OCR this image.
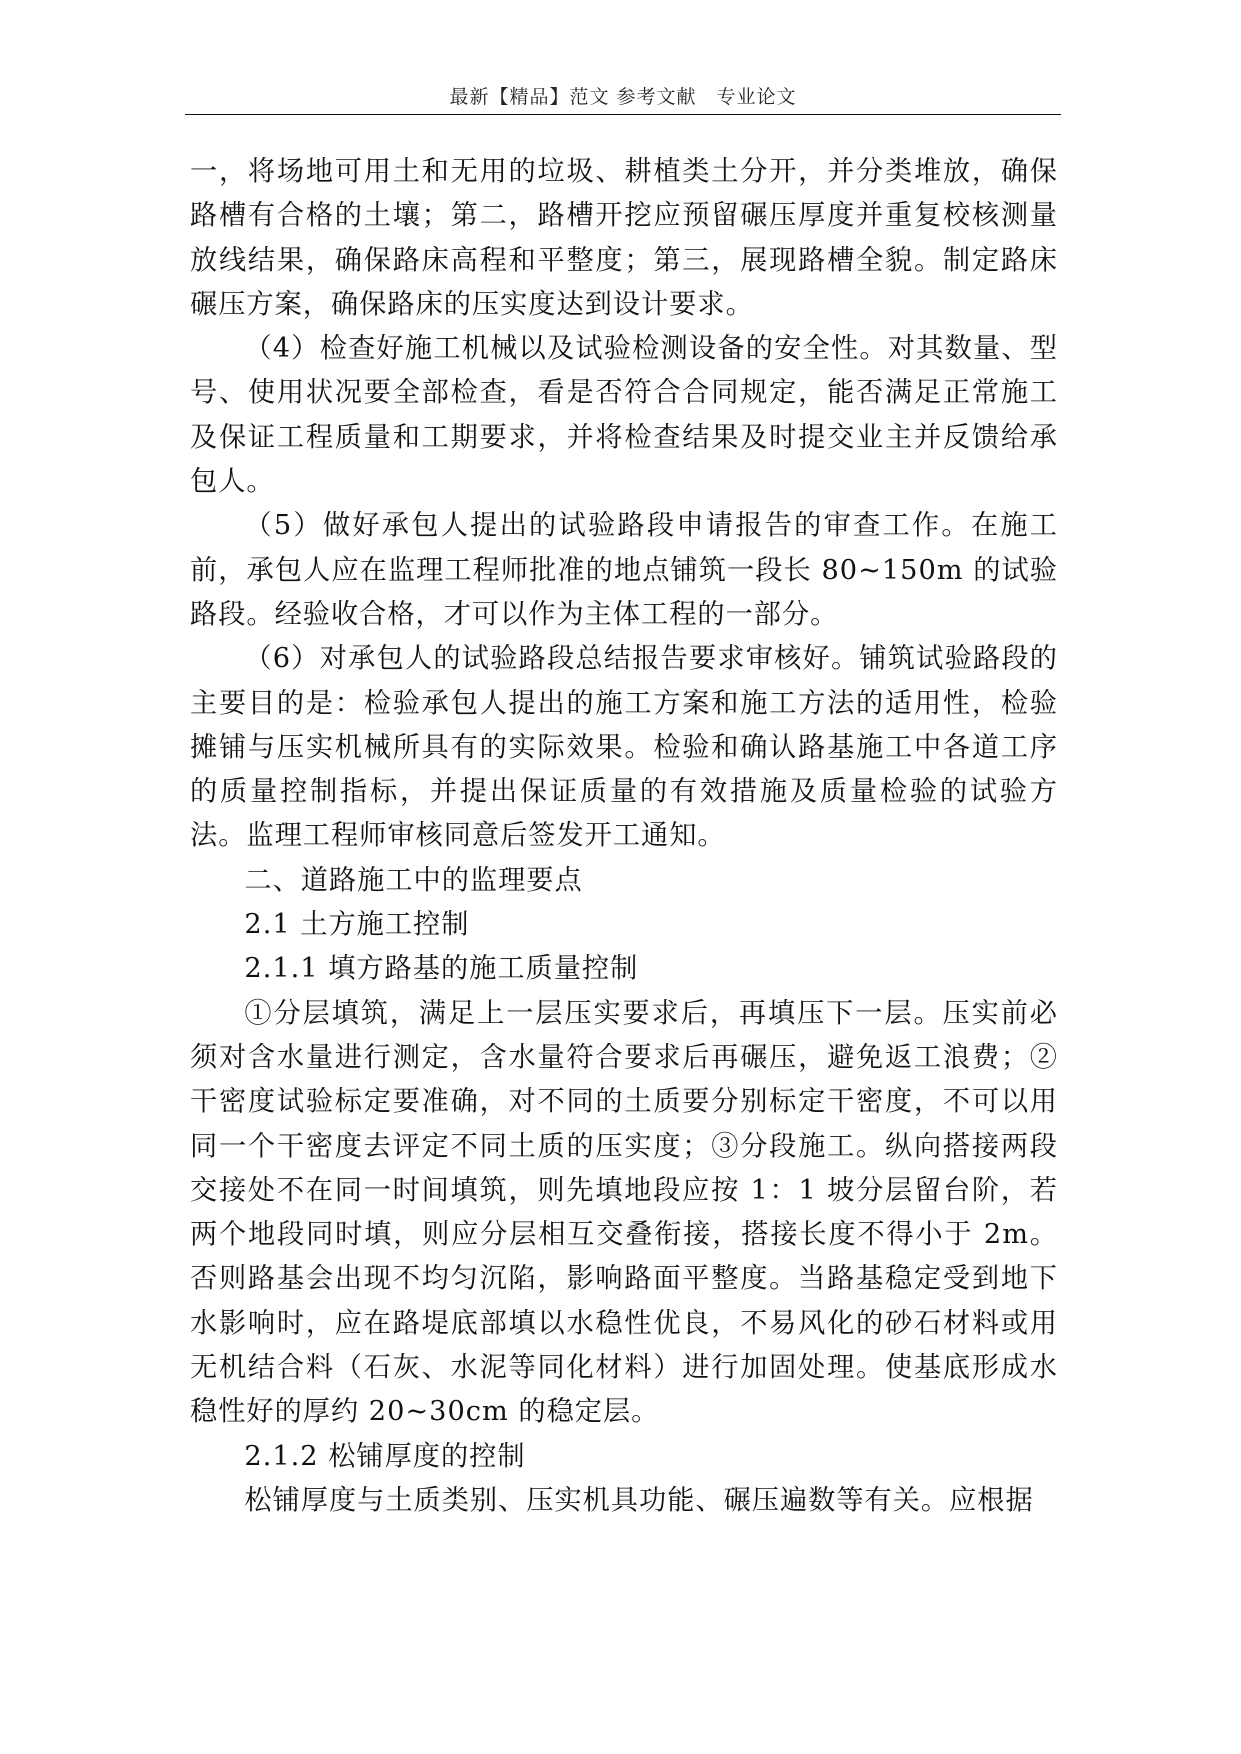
最新【精品】范文 参考文献　专业论文

一，将场地可用土和无用的垃圾、耕植类土分开，并分类堆放，确保路槽有合格的土壤；第二，路槽开挖应预留碾压厚度并重复校核测量放线结果，确保路床高程和平整度；第三，展现路槽全貌。制定路床碾压方案，确保路床的压实度达到设计要求。

（4）检查好施工机械以及试验检测设备的安全性。对其数量、型号、使用状况要全部检查，看是否符合合同规定，能否满足正常施工及保证工程质量和工期要求，并将检查结果及时提交业主并反馈给承包人。

（5）做好承包人提出的试验路段申请报告的审查工作。在施工前，承包人应在监理工程师批准的地点铺筑一段长 80~150m 的试验路段。经验收合格，才可以作为主体工程的一部分。

（6）对承包人的试验路段总结报告要求审核好。铺筑试验路段的主要目的是：检验承包人提出的施工方案和施工方法的适用性，检验摊铺与压实机械所具有的实际效果。检验和确认路基施工中各道工序的质量控制指标，并提出保证质量的有效措施及质量检验的试验方法。监理工程师审核同意后签发开工通知。

二、道路施工中的监理要点

2.1 土方施工控制

2.1.1 填方路基的施工质量控制

①分层填筑，满足上一层压实要求后，再填压下一层。压实前必须对含水量进行测定，含水量符合要求后再碾压，避免返工浪费；②干密度试验标定要准确，对不同的土质要分别标定干密度，不可以用同一个干密度去评定不同土质的压实度；③分段施工。纵向搭接两段交接处不在同一时间填筑，则先填地段应按 1：1 坡分层留台阶，若两个地段同时填，则应分层相互交叠衔接，搭接长度不得小于 2m。否则路基会出现不均匀沉陷，影响路面平整度。当路基稳定受到地下水影响时，应在路堤底部填以水稳性优良，不易风化的砂石材料或用无机结合料（石灰、水泥等同化材料）进行加固处理。使基底形成水稳性好的厚约 20~30cm 的稳定层。

2.1.2 松铺厚度的控制

松铺厚度与土质类别、压实机具功能、碾压遍数等有关。应根据
